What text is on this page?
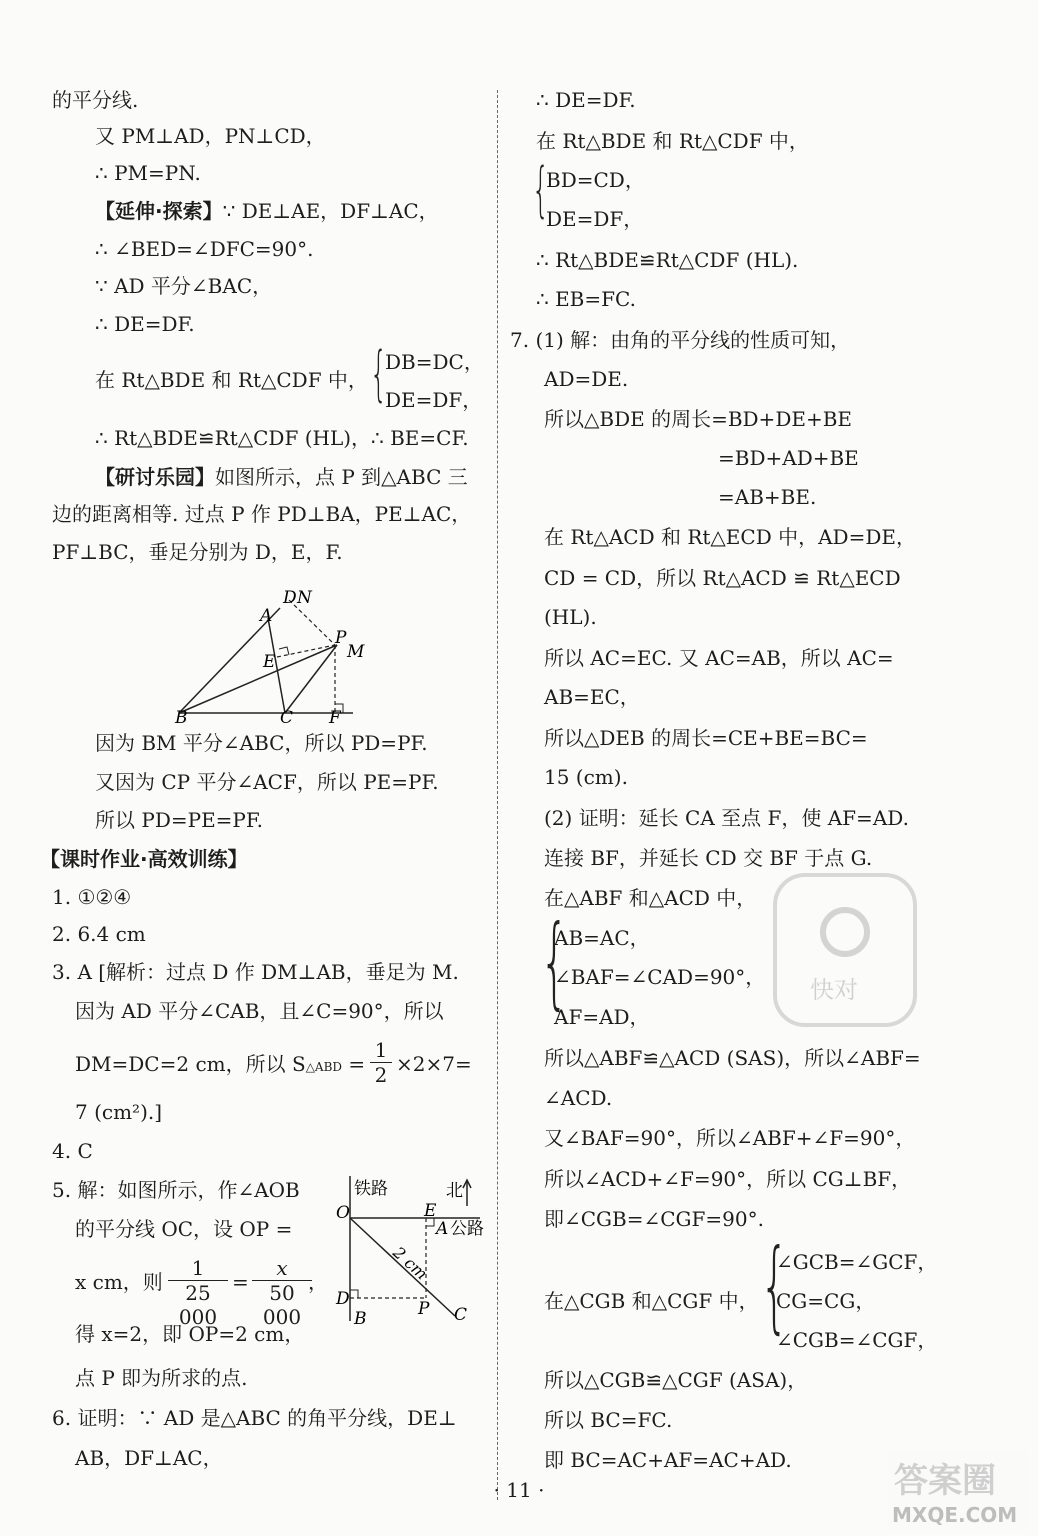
的平分线.
又 PM⊥AD，PN⊥CD，
∴ PM=PN.
【延伸·探索】∵ DE⊥AE，DF⊥AC，
∴ ∠BED=∠DFC=90°.
∵ AD 平分∠BAC，
∴ DE=DF.
在 Rt△BDE 和 Rt△CDF 中， {
DB=DC，
DE=DF，
∴ Rt△BDE≌Rt△CDF (HL)，∴ BE=CF.
【研讨乐园】如图所示，点 P 到△ABC 三
边的距离相等. 过点 P 作 PD⊥BA，PE⊥AC，
PF⊥BC，垂足分别为 D，E，F.
D N
A
P
M
E
B	C F
因为 BM 平分∠ABC，所以 PD=PF.
又因为 CP 平分∠ACF，所以 PE=PF.
所以 PD=PE=PF.
【课时作业·高效训练】
1. ①②④
2. 6.4 cm
3. A [解析：过点 D 作 DM⊥AB，垂足为 M.
因为 AD 平分∠CAB，且∠C=90°，所以
DM=DC=2 cm，所以 S△ABD = $\frac{1}{2} \times 2\times 7=$
7 (cm²).]
4. C
5. 解：如图所示，作∠AOB
的平分线 OC，设 OP =
x cm，则 $\frac{1}{25 000} = \frac{x}{50 000}$
，
得 x=2，即 OP=2 cm，
点 P 即为所求的点.
铁路	北
O	E
A 公路
2 cm
D
B	P C
6. 证明：∵ AD 是△ABC 的角平分线，DE⊥
AB，DF⊥AC，
∴ DE=DF.
在 Rt△BDE 和 Rt△CDF 中，
{
BD=CD，
DE=DF，
∴ Rt△BDE≌Rt△CDF (HL).
∴ EB=FC.
7. (1) 解：由角的平分线的性质可知，
AD=DE.
所以△BDE 的周长=BD+DE+BE
=BD+AD+BE
=AB+BE.
在 Rt△ACD 和 Rt△ECD 中，AD=DE，
CD = CD，所以 Rt△ACD ≌ Rt△ECD
(HL).
所以 AC=EC. 又 AC=AB，所以 AC=
AB=EC，
所以△DEB 的周长=CE+BE=BC=
15 (cm).
(2) 证明：延长 CA 至点 F，使 AF=AD.
连接 BF，并延长 CD 交 BF 于点 G.
在△ABF 和△ACD 中，
{
AB=AC，
∠BAF=∠CAD=90°，
AF=AD，
快对
所以△ABF≌△ACD (SAS)，所以∠ABF=
∠ACD.
又∠BAF=90°，所以∠ABF+∠F=90°，
所以∠ACD+∠F=90°，所以 CG⊥BF，
即∠CGB=∠CGF=90°.
在△CGB 和△CGF 中， {
∠GCB=∠GCF，
CG=CG，
∠CGB=∠CGF，
所以△CGB≌△CGF (ASA)，
所以 BC=FC.
即 BC=AC+AF=AC+AD.
· 11 ·
MXQE.COM
答案圈
